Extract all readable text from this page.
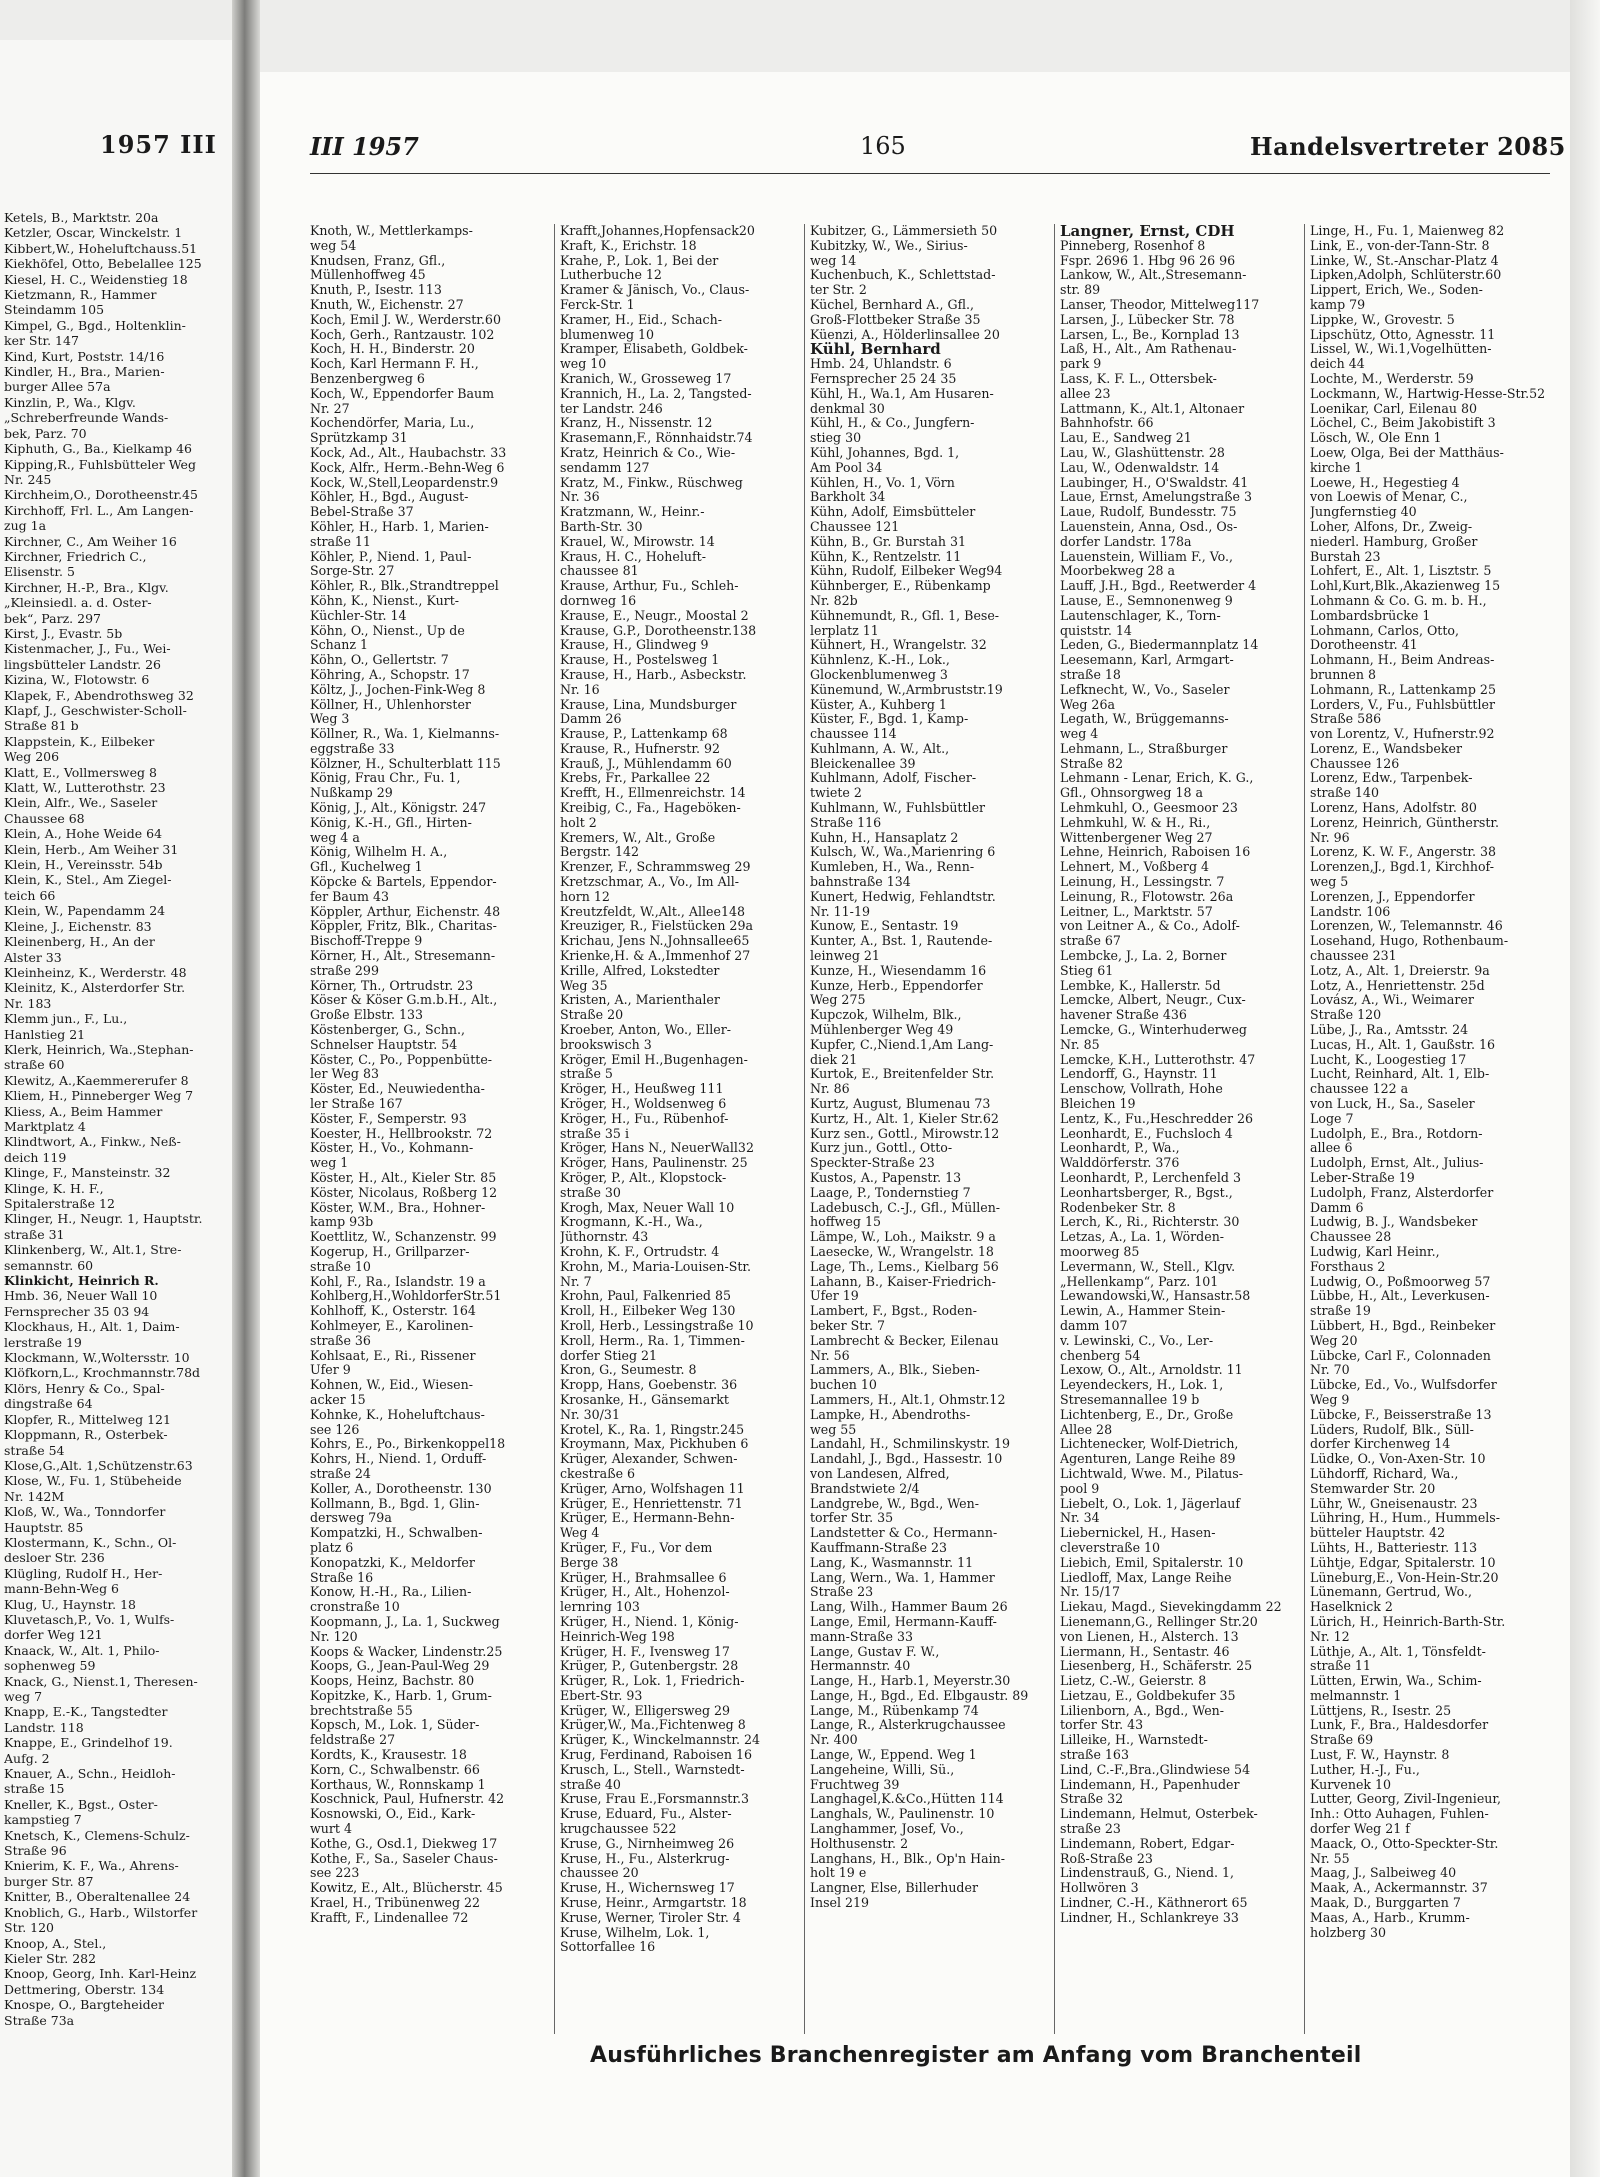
1957 III
Ketels, B., Marktstr. 20a
Ketzler, Oscar, Winckelstr. 1
Kibbert,W., Hoheluftchauss.51
Kiekhöfel, Otto, Bebelallee 125
Kiesel, H. C., Weidenstieg 18
Kietzmann, R., Hammer
Steindamm 105
Kimpel, G., Bgd., Holtenklin-
ker Str. 147
Kind, Kurt, Poststr. 14/16
Kindler, H., Bra., Marien-
burger Allee 57a
Kinzlin, P., Wa., Klgv.
„Schreberfreunde Wands-
bek, Parz. 70
Kiphuth, G., Ba., Kielkamp 46
Kipping,R., Fuhlsbütteler Weg
Nr. 245
Kirchheim,O., Dorotheenstr.45
Kirchhoff, Frl. L., Am Langen-
zug 1a
Kirchner, C., Am Weiher 16
Kirchner, Friedrich C.,
Elisenstr. 5
Kirchner, H.-P., Bra., Klgv.
„Kleinsiedl. a. d. Oster-
bek“, Parz. 297
Kirst, J., Evastr. 5b
Kistenmacher, J., Fu., Wei-
lingsbütteler Landstr. 26
Kizina, W., Flotowstr. 6
Klapek, F., Abendrothsweg 32
Klapf, J., Geschwister-Scholl-
Straße 81 b
Klappstein, K., Eilbeker
Weg 206
Klatt, E., Vollmersweg 8
Klatt, W., Lutterothstr. 23
Klein, Alfr., We., Saseler
Chaussee 68
Klein, A., Hohe Weide 64
Klein, Herb., Am Weiher 31
Klein, H., Vereinsstr. 54b
Klein, K., Stel., Am Ziegel-
teich 66
Klein, W., Papendamm 24
Kleine, J., Eichenstr. 83
Kleinenberg, H., An der
Alster 33
Kleinheinz, K., Werderstr. 48
Kleinitz, K., Alsterdorfer Str.
Nr. 183
Klemm jun., F., Lu.,
Hanlstieg 21
Klerk, Heinrich, Wa.,Stephan-
straße 60
Klewitz, A.,Kaemmererufer 8
Kliem, H., Pinneberger Weg 7
Kliess, A., Beim Hammer
Marktplatz 4
Klindtwort, A., Finkw., Neß-
deich 119
Klinge, F., Mansteinstr. 32
Klinge, K. H. F.,
Spitalerstraße 12
Klinger, H., Neugr. 1, Hauptstr.
straße 31
Klinkenberg, W., Alt.1, Stre-
semannstr. 60
Klinkicht, Heinrich R.
Hmb. 36, Neuer Wall 10
Fernsprecher 35 03 94
Klockhaus, H., Alt. 1, Daim-
lerstraße 19
Klockmann, W.,Woltersstr. 10
Klöfkorn,L., Krochmannstr.78d
Klörs, Henry & Co., Spal-
dingstraße 64
Klopfer, R., Mittelweg 121
Kloppmann, R., Osterbek-
straße 54
Klose,G.,Alt. 1,Schützenstr.63
Klose, W., Fu. 1, Stübeheide
Nr. 142M
Kloß, W., Wa., Tonndorfer
Hauptstr. 85
Klostermann, K., Schn., Ol-
desloer Str. 236
Klügling, Rudolf H., Her-
mann-Behn-Weg 6
Klug, U., Haynstr. 18
Kluvetasch,P., Vo. 1, Wulfs-
dorfer Weg 121
Knaack, W., Alt. 1, Philo-
sophenweg 59
Knack, G., Nienst.1, Theresen-
weg 7
Knapp, E.-K., Tangstedter
Landstr. 118
Knappe, E., Grindelhof 19.
Aufg. 2
Knauer, A., Schn., Heidloh-
straße 15
Kneller, K., Bgst., Oster-
kampstieg 7
Knetsch, K., Clemens-Schulz-
Straße 96
Knierim, K. F., Wa., Ahrens-
burger Str. 87
Knitter, B., Oberaltenallee 24
Knoblich, G., Harb., Wilstorfer
Str. 120
Knoop, A., Stel.,
Kieler Str. 282
Knoop, Georg, Inh. Karl-Heinz
Dettmering, Oberstr. 134
Knospe, O., Bargteheider
Straße 73a
III 1957	165	Handelsvertreter 2085
Knoth, W., Mettlerkamps-
weg 54
Knudsen, Franz, Gfl.,
Müllenhoffweg 45
Knuth, P., Isestr. 113
Knuth, W., Eichenstr. 27
Koch, Emil J. W., Werderstr.60
Koch, Gerh., Rantzaustr. 102
Koch, H. H., Binderstr. 20
Koch, Karl Hermann F. H.,
Benzenbergweg 6
Koch, W., Eppendorfer Baum
Nr. 27
Kochendörfer, Maria, Lu.,
Sprützkamp 31
Kock, Ad., Alt., Haubachstr. 33
Kock, Alfr., Herm.-Behn-Weg 6
Kock, W.,Stell,Leopardenstr.9
Köhler, H., Bgd., August-
Bebel-Straße 37
Köhler, H., Harb. 1, Marien-
straße 11
Köhler, P., Niend. 1, Paul-
Sorge-Str. 27
Köhler, R., Blk.,Strandtreppel
Köhn, K., Nienst., Kurt-
Küchler-Str. 14
Köhn, O., Nienst., Up de
Schanz 1
Köhn, O., Gellertstr. 7
Köhring, A., Schopstr. 17
Költz, J., Jochen-Fink-Weg 8
Köllner, H., Uhlenhorster
Weg 3
Köllner, R., Wa. 1, Kielmanns-
eggstraße 33
Kölzner, H., Schulterblatt 115
König, Frau Chr., Fu. 1,
Nußkamp 29
König, J., Alt., Königstr. 247
König, K.-H., Gfl., Hirten-
weg 4 a
König, Wilhelm H. A.,
Gfl., Kuchelweg 1
Köpcke & Bartels, Eppendor-
fer Baum 43
Köppler, Arthur, Eichenstr. 48
Köppler, Fritz, Blk., Charitas-
Bischoff-Treppe 9
Körner, H., Alt., Stresemann-
straße 299
Körner, Th., Ortrudstr. 23
Köser & Köser G.m.b.H., Alt.,
Große Elbstr. 133
Köstenberger, G., Schn.,
Schnelser Hauptstr. 54
Köster, C., Po., Poppenbütte-
ler Weg 83
Köster, Ed., Neuwiedentha-
ler Straße 167
Köster, F., Semperstr. 93
Koester, H., Hellbrookstr. 72
Köster, H., Vo., Kohmann-
weg 1
Köster, H., Alt., Kieler Str. 85
Köster, Nicolaus, Roßberg 12
Köster, W.M., Bra., Hohner-
kamp 93b
Koettlitz, W., Schanzenstr. 99
Kogerup, H., Grillparzer-
straße 10
Kohl, F., Ra., Islandstr. 19 a
Kohlberg,H.,WohldorferStr.51
Kohlhoff, K., Osterstr. 164
Kohlmeyer, E., Karolinen-
straße 36
Kohlsaat, E., Ri., Rissener
Ufer 9
Kohnen, W., Eid., Wiesen-
acker 15
Kohnke, K., Hoheluftchaus-
see 126
Kohrs, E., Po., Birkenkoppel18
Kohrs, H., Niend. 1, Orduff-
straße 24
Koller, A., Dorotheenstr. 130
Kollmann, B., Bgd. 1, Glin-
dersweg 79a
Kompatzki, H., Schwalben-
platz 6
Konopatzki, K., Meldorfer
Straße 16
Konow, H.-H., Ra., Lilien-
cronstraße 10
Koopmann, J., La. 1, Suckweg
Nr. 120
Koops & Wacker, Lindenstr.25
Koops, G., Jean-Paul-Weg 29
Koops, Heinz, Bachstr. 80
Kopitzke, K., Harb. 1, Grum-
brechtstraße 55
Kopsch, M., Lok. 1, Süder-
feldstraße 27
Kordts, K., Krausestr. 18
Korn, C., Schwalbenstr. 66
Korthaus, W., Ronnskamp 1
Koschnick, Paul, Hufnerstr. 42
Kosnowski, O., Eid., Kark-
wurt 4
Kothe, G., Osd.1, Diekweg 17
Kothe, F., Sa., Saseler Chaus-
see 223
Kowitz, E., Alt., Blücherstr. 45
Krael, H., Tribünenweg 22
Krafft, F., Lindenallee 72
Krafft,Johannes,Hopfensack20
Kraft, K., Erichstr. 18
Krahe, P., Lok. 1, Bei der
Lutherbuche 12
Kramer & Jänisch, Vo., Claus-
Ferck-Str. 1
Kramer, H., Eid., Schach-
blumenweg 10
Kramper, Elisabeth, Goldbek-
weg 10
Kranich, W., Grosseweg 17
Krannich, H., La. 2, Tangsted-
ter Landstr. 246
Kranz, H., Nissenstr. 12
Krasemann,F., Rönnhaidstr.74
Kratz, Heinrich & Co., Wie-
sendamm 127
Kratz, M., Finkw., Rüschweg
Nr. 36
Kratzmann, W., Heinr.-
Barth-Str. 30
Krauel, W., Mirowstr. 14
Kraus, H. C., Hoheluft-
chaussee 81
Krause, Arthur, Fu., Schleh-
dornweg 16
Krause, E., Neugr., Moostal 2
Krause, G.P., Dorotheenstr.138
Krause, H., Glindweg 9
Krause, H., Postelsweg 1
Krause, H., Harb., Asbeckstr.
Nr. 16
Krause, Lina, Mundsburger
Damm 26
Krause, P., Lattenkamp 68
Krause, R., Hufnerstr. 92
Krauß, J., Mühlendamm 60
Krebs, Fr., Parkallee 22
Krefft, H., Ellmenreichstr. 14
Kreibig, C., Fa., Hageböken-
holt 2
Kremers, W., Alt., Große
Bergstr. 142
Krenzer, F., Schrammsweg 29
Kretzschmar, A., Vo., Im All-
horn 12
Kreutzfeldt, W.,Alt., Allee148
Kreuziger, R., Fielstücken 29a
Krichau, Jens N.,Johnsallee65
Krienke,H. & A.,Immenhof 27
Krille, Alfred, Lokstedter
Weg 35
Kristen, A., Marienthaler
Straße 20
Kroeber, Anton, Wo., Eller-
brookswisch 3
Kröger, Emil H.,Bugenhagen-
straße 5
Kröger, H., Heußweg 111
Kröger, H., Woldsenweg 6
Kröger, H., Fu., Rübenhof-
straße 35 i
Kröger, Hans N., NeuerWall32
Kröger, Hans, Paulinenstr. 25
Kröger, P., Alt., Klopstock-
straße 30
Krogh, Max, Neuer Wall 10
Krogmann, K.-H., Wa.,
Jüthornstr. 43
Krohn, K. F., Ortrudstr. 4
Krohn, M., Maria-Louisen-Str.
Nr. 7
Krohn, Paul, Falkenried 85
Kroll, H., Eilbeker Weg 130
Kroll, Herb., Lessingstraße 10
Kroll, Herm., Ra. 1, Timmen-
dorfer Stieg 21
Kron, G., Seumestr. 8
Kropp, Hans, Goebenstr. 36
Krosanke, H., Gänsemarkt
Nr. 30/31
Krotel, K., Ra. 1, Ringstr.245
Kroymann, Max, Pickhuben 6
Krüger, Alexander, Schwen-
ckestraße 6
Krüger, Arno, Wolfshagen 11
Krüger, E., Henriettenstr. 71
Krüger, E., Hermann-Behn-
Weg 4
Krüger, F., Fu., Vor dem
Berge 38
Krüger, H., Brahmsallee 6
Krüger, H., Alt., Hohenzol-
lernring 103
Krüger, H., Niend. 1, König-
Heinrich-Weg 198
Krüger, H. F., Ivensweg 17
Krüger, P., Gutenbergstr. 28
Krüger, R., Lok. 1, Friedrich-
Ebert-Str. 93
Krüger, W., Elligersweg 29
Krüger,W., Ma.,Fichtenweg 8
Krüger, K., Winckelmannstr. 24
Krug, Ferdinand, Raboisen 16
Krusch, L., Stell., Warnstedt-
straße 40
Kruse, Frau E.,Forsmannstr.3
Kruse, Eduard, Fu., Alster-
krugchaussee 522
Kruse, G., Nirnheimweg 26
Kruse, H., Fu., Alsterkrug-
chaussee 20
Kruse, H., Wichernsweg 17
Kruse, Heinr., Armgartstr. 18
Kruse, Werner, Tiroler Str. 4
Kruse, Wilhelm, Lok. 1,
Sottorfallee 16
Kubitzer, G., Lämmersieth 50
Kubitzky, W., We., Sirius-
weg 14
Kuchenbuch, K., Schlettstad-
ter Str. 2
Küchel, Bernhard A., Gfl.,
Groß-Flottbeker Straße 35
Küenzi, A., Hölderlinsallee 20
Kühl, Bernhard
Hmb. 24, Uhlandstr. 6
Fernsprecher 25 24 35
Kühl, H., Wa.1, Am Husaren-
denkmal 30
Kühl, H., & Co., Jungfern-
stieg 30
Kühl, Johannes, Bgd. 1,
Am Pool 34
Kühlen, H., Vo. 1, Vörn
Barkholt 34
Kühn, Adolf, Eimsbütteler
Chaussee 121
Kühn, B., Gr. Burstah 31
Kühn, K., Rentzelstr. 11
Kühn, Rudolf, Eilbeker Weg94
Kühnberger, E., Rübenkamp
Nr. 82b
Kühnemundt, R., Gfl. 1, Bese-
lerplatz 11
Kühnert, H., Wrangelstr. 32
Kühnlenz, K.-H., Lok.,
Glockenblumenweg 3
Künemund, W.,Armbruststr.19
Küster, A., Kuhberg 1
Küster, F., Bgd. 1, Kamp-
chaussee 114
Kuhlmann, A. W., Alt.,
Bleickenallee 39
Kuhlmann, Adolf, Fischer-
twiete 2
Kuhlmann, W., Fuhlsbüttler
Straße 116
Kuhn, H., Hansaplatz 2
Kulsch, W., Wa.,Marienring 6
Kumleben, H., Wa., Renn-
bahnstraße 134
Kunert, Hedwig, Fehlandtstr.
Nr. 11-19
Kunow, E., Sentastr. 19
Kunter, A., Bst. 1, Rautende-
leinweg 21
Kunze, H., Wiesendamm 16
Kunze, Herb., Eppendorfer
Weg 275
Kupczok, Wilhelm, Blk.,
Mühlenberger Weg 49
Kupfer, C.,Niend.1,Am Lang-
diek 21
Kurtok, E., Breitenfelder Str.
Nr. 86
Kurtz, August, Blumenau 73
Kurtz, H., Alt. 1, Kieler Str.62
Kurz sen., Gottl., Mirowstr.12
Kurz jun., Gottl., Otto-
Speckter-Straße 23
Kustos, A., Papenstr. 13
Laage, P., Tondernstieg 7
Ladebusch, C.-J., Gfl., Müllen-
hoffweg 15
Lämpe, W., Loh., Maikstr. 9 a
Laesecke, W., Wrangelstr. 18
Lage, Th., Lems., Kielbarg 56
Lahann, B., Kaiser-Friedrich-
Ufer 19
Lambert, F., Bgst., Roden-
beker Str. 7
Lambrecht & Becker, Eilenau
Nr. 56
Lammers, A., Blk., Sieben-
buchen 10
Lammers, H., Alt.1, Ohmstr.12
Lampke, H., Abendroths-
weg 55
Landahl, H., Schmilinskystr. 19
Landahl, J., Bgd., Hassestr. 10
von Landesen, Alfred,
Brandstwiete 2/4
Landgrebe, W., Bgd., Wen-
torfer Str. 35
Landstetter & Co., Hermann-
Kauffmann-Straße 23
Lang, K., Wasmannstr. 11
Lang, Wern., Wa. 1, Hammer
Straße 23
Lang, Wilh., Hammer Baum 26
Lange, Emil, Hermann-Kauff-
mann-Straße 33
Lange, Gustav F. W.,
Hermannstr. 40
Lange, H., Harb.1, Meyerstr.30
Lange, H., Bgd., Ed. Elbgaustr. 89
Lange, M., Rübenkamp 74
Lange, R., Alsterkrugchaussee
Nr. 400
Lange, W., Eppend. Weg 1
Langeheine, Willi, Sü.,
Fruchtweg 39
Langhagel,K.&Co.,Hütten 114
Langhals, W., Paulinenstr. 10
Langhammer, Josef, Vo.,
Holthusenstr. 2
Langhans, H., Blk., Op'n Hain-
holt 19 e
Langner, Else, Billerhuder
Insel 219
Langner, Ernst, CDH
Pinneberg, Rosenhof 8
Fspr. 2696 1. Hbg 96 26 96
Lankow, W., Alt.,Stresemann-
str. 89
Lanser, Theodor, Mittelweg117
Larsen, J., Lübecker Str. 78
Larsen, L., Be., Kornplad 13
Laß, H., Alt., Am Rathenau-
park 9
Lass, K. F. L., Ottersbek-
allee 23
Lattmann, K., Alt.1, Altonaer
Bahnhofstr. 66
Lau, E., Sandweg 21
Lau, W., Glashüttenstr. 28
Lau, W., Odenwaldstr. 14
Laubinger, H., O'Swaldstr. 41
Laue, Ernst, Amelungstraße 3
Laue, Rudolf, Bundesstr. 75
Lauenstein, Anna, Osd., Os-
dorfer Landstr. 178a
Lauenstein, William F., Vo.,
Moorbekweg 28 a
Lauff, J.H., Bgd., Reetwerder 4
Lause, E., Semnonenweg 9
Lautenschlager, K., Torn-
quiststr. 14
Leden, G., Biedermannplatz 14
Leesemann, Karl, Armgart-
straße 18
Lefknecht, W., Vo., Saseler
Weg 26a
Legath, W., Brüggemanns-
weg 4
Lehmann, L., Straßburger
Straße 82
Lehmann - Lenar, Erich, K. G.,
Gfl., Ohnsorgweg 18 a
Lehmkuhl, O., Geesmoor 23
Lehmkuhl, W. & H., Ri.,
Wittenbergener Weg 27
Lehne, Heinrich, Raboisen 16
Lehnert, M., Voßberg 4
Leinung, H., Lessingstr. 7
Leinung, R., Flotowstr. 26a
Leitner, L., Marktstr. 57
von Leitner A., & Co., Adolf-
straße 67
Lembcke, J., La. 2, Borner
Stieg 61
Lembke, K., Hallerstr. 5d
Lemcke, Albert, Neugr., Cux-
havener Straße 436
Lemcke, G., Winterhuderweg
Nr. 85
Lemcke, K.H., Lutterothstr. 47
Lendorff, G., Haynstr. 11
Lenschow, Vollrath, Hohe
Bleichen 19
Lentz, K., Fu.,Heschredder 26
Leonhardt, E., Fuchsloch 4
Leonhardt, P., Wa.,
Walddörferstr. 376
Leonhardt, P., Lerchenfeld 3
Leonhartsberger, R., Bgst.,
Rodenbeker Str. 8
Lerch, K., Ri., Richterstr. 30
Letzas, A., La. 1, Wörden-
moorweg 85
Levermann, W., Stell., Klgv.
„Hellenkamp“, Parz. 101
Lewandowski,W., Hansastr.58
Lewin, A., Hammer Stein-
damm 107
v. Lewinski, C., Vo., Ler-
chenberg 54
Lexow, O., Alt., Arnoldstr. 11
Leyendeckers, H., Lok. 1,
Stresemannallee 19 b
Lichtenberg, E., Dr., Große
Allee 28
Lichtenecker, Wolf-Dietrich,
Agenturen, Lange Reihe 89
Lichtwald, Wwe. M., Pilatus-
pool 9
Liebelt, O., Lok. 1, Jägerlauf
Nr. 34
Liebernickel, H., Hasen-
cleverstraße 10
Liebich, Emil, Spitalerstr. 10
Liedloff, Max, Lange Reihe
Nr. 15/17
Liekau, Magd., Sievekingdamm 22
Lienemann,G., Rellinger Str.20
von Lienen, H., Alsterch. 13
Liermann, H., Sentastr. 46
Liesenberg, H., Schäferstr. 25
Lietz, C.-W., Geierstr. 8
Lietzau, E., Goldbekufer 35
Lilienborn, A., Bgd., Wen-
torfer Str. 43
Lilleike, H., Warnstedt-
straße 163
Lind, C.-F.,Bra.,Glindwiese 54
Lindemann, H., Papenhuder
Straße 32
Lindemann, Helmut, Osterbek-
straße 23
Lindemann, Robert, Edgar-
Roß-Straße 23
Lindenstrauß, G., Niend. 1,
Hollwören 3
Lindner, C.-H., Käthnerort 65
Lindner, H., Schlankreye 33
Linge, H., Fu. 1, Maienweg 82
Link, E., von-der-Tann-Str. 8
Linke, W., St.-Anschar-Platz 4
Lipken,Adolph, Schlüterstr.60
Lippert, Erich, We., Soden-
kamp 79
Lippke, W., Grovestr. 5
Lipschütz, Otto, Agnesstr. 11
Lissel, W., Wi.1,Vogelhütten-
deich 44
Lochte, M., Werderstr. 59
Lockmann, W., Hartwig-Hesse-Str.52
Loenikar, Carl, Eilenau 80
Löchel, C., Beim Jakobistift 3
Lösch, W., Ole Enn 1
Loew, Olga, Bei der Matthäus-
kirche 1
Loewe, H., Hegestieg 4
von Loewis of Menar, C.,
Jungfernstieg 40
Loher, Alfons, Dr., Zweig-
niederl. Hamburg, Großer
Burstah 23
Lohfert, E., Alt. 1, Lisztstr. 5
Lohl,Kurt,Blk.,Akazienweg 15
Lohmann & Co. G. m. b. H.,
Lombardsbrücke 1
Lohmann, Carlos, Otto,
Dorotheenstr. 41
Lohmann, H., Beim Andreas-
brunnen 8
Lohmann, R., Lattenkamp 25
Lorders, V., Fu., Fuhlsbüttler
Straße 586
von Lorentz, V., Hufnerstr.92
Lorenz, E., Wandsbeker
Chaussee 126
Lorenz, Edw., Tarpenbek-
straße 140
Lorenz, Hans, Adolfstr. 80
Lorenz, Heinrich, Güntherstr.
Nr. 96
Lorenz, K. W. F., Angerstr. 38
Lorenzen,J., Bgd.1, Kirchhof-
weg 5
Lorenzen, J., Eppendorfer
Landstr. 106
Lorenzen, W., Telemannstr. 46
Losehand, Hugo, Rothenbaum-
chaussee 231
Lotz, A., Alt. 1, Dreierstr. 9a
Lotz, A., Henriettenstr. 25d
Lovász, A., Wi., Weimarer
Straße 120
Lübe, J., Ra., Amtsstr. 24
Lucas, H., Alt. 1, Gaußstr. 16
Lucht, K., Loogestieg 17
Lucht, Reinhard, Alt. 1, Elb-
chaussee 122 a
von Luck, H., Sa., Saseler
Loge 7
Ludolph, E., Bra., Rotdorn-
allee 6
Ludolph, Ernst, Alt., Julius-
Leber-Straße 19
Ludolph, Franz, Alsterdorfer
Damm 6
Ludwig, B. J., Wandsbeker
Chaussee 28
Ludwig, Karl Heinr.,
Forsthaus 2
Ludwig, O., Poßmoorweg 57
Lübbe, H., Alt., Leverkusen-
straße 19
Lübbert, H., Bgd., Reinbeker
Weg 20
Lübcke, Carl F., Colonnaden
Nr. 70
Lübcke, Ed., Vo., Wulfsdorfer
Weg 9
Lübcke, F., Beisserstraße 13
Lüders, Rudolf, Blk., Süll-
dorfer Kirchenweg 14
Lüdke, O., Von-Axen-Str. 10
Lühdorff, Richard, Wa.,
Stemwarder Str. 20
Lühr, W., Gneisenaustr. 23
Lühring, H., Hum., Hummels-
bütteler Hauptstr. 42
Lühts, H., Batteriestr. 113
Lühtje, Edgar, Spitalerstr. 10
Lüneburg,E., Von-Hein-Str.20
Lünemann, Gertrud, Wo.,
Haselknick 2
Lürich, H., Heinrich-Barth-Str.
Nr. 12
Lüthje, A., Alt. 1, Tönsfeldt-
straße 11
Lütten, Erwin, Wa., Schim-
melmannstr. 1
Lüttjens, R., Isestr. 25
Lunk, F., Bra., Haldesdorfer
Straße 69
Lust, F. W., Haynstr. 8
Luther, H.-J., Fu.,
Kurvenek 10
Lutter, Georg, Zivil-Ingenieur,
Inh.: Otto Auhagen, Fuhlen-
dorfer Weg 21 f
Maack, O., Otto-Speckter-Str.
Nr. 55
Maag, J., Salbeiweg 40
Maak, A., Ackermannstr. 37
Maak, D., Burggarten 7
Maas, A., Harb., Krumm-
holzberg 30
Ausführliches Branchenregister am Anfang vom Branchenteil
